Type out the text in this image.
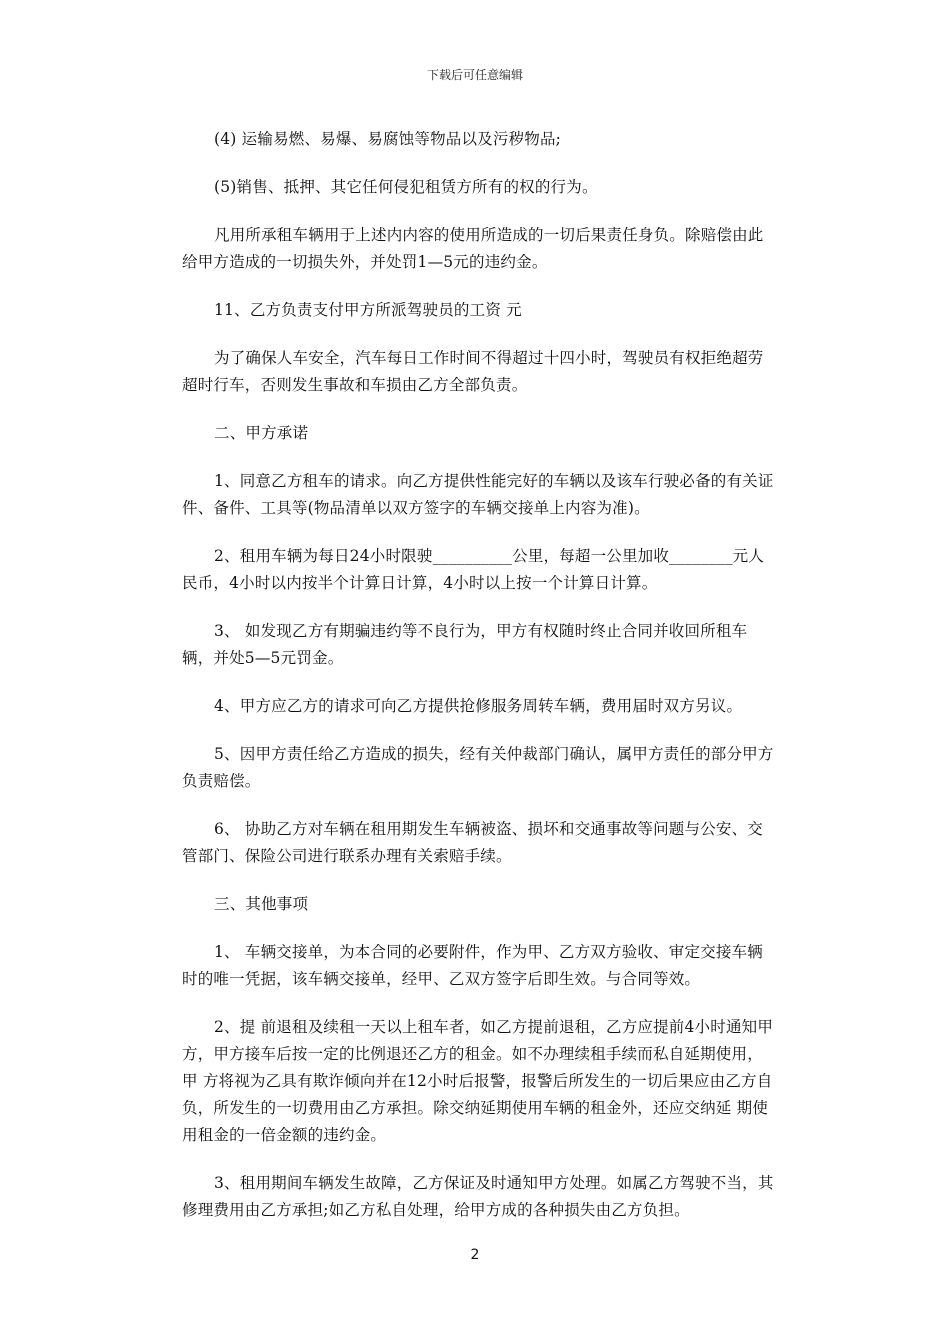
下载后可任意编辑

(4) 运输易燃、易爆、易腐蚀等物品以及污秽物品;

(5)销售、抵押、其它任何侵犯租赁方所有的权的行为。

凡用所承租车辆用于上述内内容的使用所造成的一切后果责任身负。除赔偿由此给甲方造成的一切损失外，并处罚1—5元的违约金。

11、乙方负责支付甲方所派驾驶员的工资 元

为了确保人车安全，汽车每日工作时间不得超过十四小时，驾驶员有权拒绝超劳超时行车，否则发生事故和车损由乙方全部负责。

二、甲方承诺

1、同意乙方租车的请求。向乙方提供性能完好的车辆以及该车行驶必备的有关证件、备件、工具等(物品清单以双方签字的车辆交接单上内容为准)。

2、租用车辆为每日24小时限驶__________公里，每超一公里加收________元人民币，4小时以内按半个计算日计算，4小时以上按一个计算日计算。

3、 如发现乙方有期骗违约等不良行为，甲方有权随时终止合同并收回所租车辆，并处5—5元罚金。

4、甲方应乙方的请求可向乙方提供抢修服务周转车辆，费用届时双方另议。

5、因甲方责任给乙方造成的损失，经有关仲裁部门确认，属甲方责任的部分甲方负责赔偿。

6、 协助乙方对车辆在租用期发生车辆被盗、损坏和交通事故等问题与公安、交管部门、保险公司进行联系办理有关索赔手续。

三、其他事项

1、 车辆交接单，为本合同的必要附件，作为甲、乙方双方验收、审定交接车辆时的唯一凭据，该车辆交接单，经甲、乙双方签字后即生效。与合同等效。

2、提 前退租及续租一天以上租车者，如乙方提前退租，乙方应提前4小时通知甲方，甲方接车后按一定的比例退还乙方的租金。如不办理续租手续而私自延期使用，甲 方将视为乙具有欺诈倾向并在12小时后报警，报警后所发生的一切后果应由乙方自负，所发生的一切费用由乙方承担。除交纳延期使用车辆的租金外，还应交纳延 期使用租金的一倍金额的违约金。

3、租用期间车辆发生故障，乙方保证及时通知甲方处理。如属乙方驾驶不当，其修理费用由乙方承担;如乙方私自处理，给甲方成的各种损失由乙方负担。

2
